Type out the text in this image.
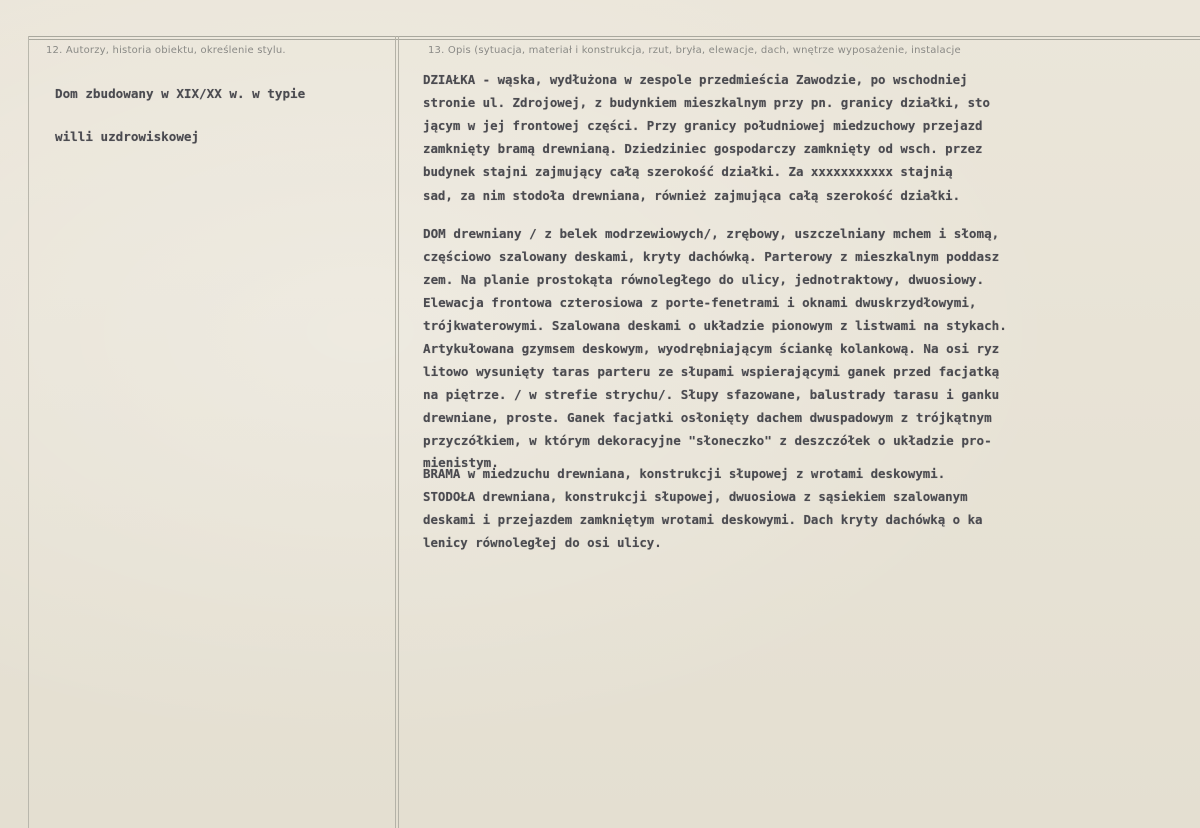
12. Autorzy, historia obiektu, określenie stylu.	13. Opis (sytuacja, materiał i konstrukcja, rzut, bryła, elewacje, dach, wnętrze wyposażenie, instalacje
Dom zbudowany w XIX/XX w. w typie
willi uzdrowiskowej
DZIAŁKA - wąska, wydłużona w zespole przedmieścia Zawodzie, po wschodniej
stronie ul. Zdrojowej, z budynkiem mieszkalnym przy pn. granicy działki, sto
jącym w jej frontowej części. Przy granicy południowej miedzuchowy przejazd
zamknięty bramą drewnianą. Dziedziniec gospodarczy zamknięty od wsch. przez
budynek stajni zajmujący całą szerokość działki. Za xxxxxxxxxxx stajnią
sad, za nim stodoła drewniana, również zajmująca całą szerokość działki.
DOM drewniany / z belek modrzewiowych/, zrębowy, uszczelniany mchem i słomą,
częściowo szalowany deskami, kryty dachówką. Parterowy z mieszkalnym poddasz
zem. Na planie prostokąta równoległego do ulicy, jednotraktowy, dwuosiowy.
Elewacja frontowa czterosiowa z porte-fenetrami i oknami dwuskrzydłowymi,
trójkwaterowymi. Szalowana deskami o układzie pionowym z listwami na stykach.
Artykułowana gzymsem deskowym, wyodrębniającym ściankę kolankową. Na osi ryz
litowo wysunięty taras parteru ze słupami wspierającymi ganek przed facjatką
na piętrze. / w strefie strychu/. Słupy sfazowane, balustrady tarasu i ganku
drewniane, proste. Ganek facjatki osłonięty dachem dwuspadowym z trójkątnym
przyczółkiem, w którym dekoracyjne "słoneczko" z deszczółek o układzie pro-
mienistym.
BRAMA w miedzuchu drewniana, konstrukcji słupowej z wrotami deskowymi.
STODOŁA drewniana, konstrukcji słupowej, dwuosiowa z sąsiekiem szalowanym
deskami i przejazdem zamkniętym wrotami deskowymi. Dach kryty dachówką o ka
lenicy równoległej do osi ulicy.
